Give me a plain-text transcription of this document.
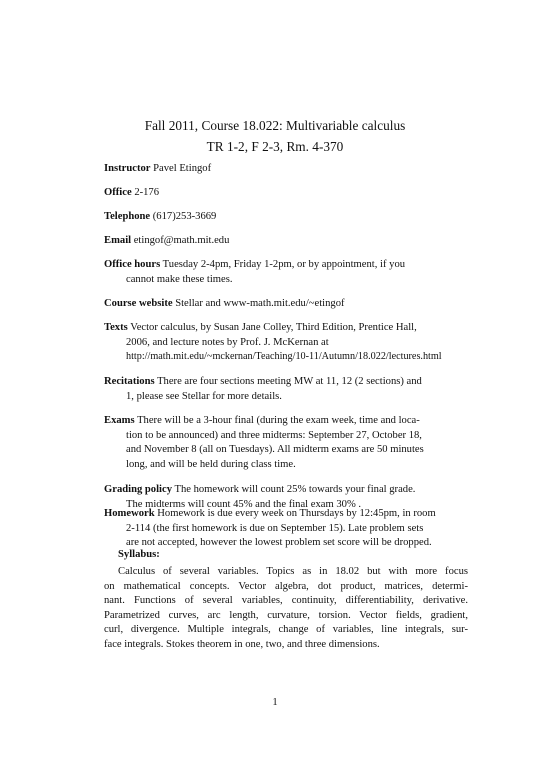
Fall 2011, Course 18.022: Multivariable calculus
TR 1-2, F 2-3, Rm. 4-370
Instructor Pavel Etingof
Office 2-176
Telephone (617)253-3669
Email etingof@math.mit.edu
Office hours Tuesday 2-4pm, Friday 1-2pm, or by appointment, if you
cannot make these times.
Course website Stellar and www-math.mit.edu/~etingof
Texts Vector calculus, by Susan Jane Colley, Third Edition, Prentice Hall,
2006, and lecture notes by Prof. J. McKernan at
http://math.mit.edu/~mckernan/Teaching/10-11/Autumn/18.022/lectures.html
Recitations There are four sections meeting MW at 11, 12 (2 sections) and
1, please see Stellar for more details.
Exams There will be a 3-hour final (during the exam week, time and loca-
tion to be announced) and three midterms: September 27, October 18,
and November 8 (all on Tuesdays). All midterm exams are 50 minutes
long, and will be held during class time.
Grading policy The homework will count 25% towards your final grade.
The midterms will count 45% and the final exam 30% .
Homework Homework is due every week on Thursdays by 12:45pm, in room
2-114 (the first homework is due on September 15). Late problem sets
are not accepted, however the lowest problem set score will be dropped.
Syllabus:
Calculus of several variables. Topics as in 18.02 but with more focus
on mathematical concepts. Vector algebra, dot product, matrices, determi-
nant. Functions of several variables, continuity, differentiability, derivative.
Parametrized curves, arc length, curvature, torsion. Vector fields, gradient,
curl, divergence. Multiple integrals, change of variables, line integrals, sur-
face integrals. Stokes theorem in one, two, and three dimensions.
1
